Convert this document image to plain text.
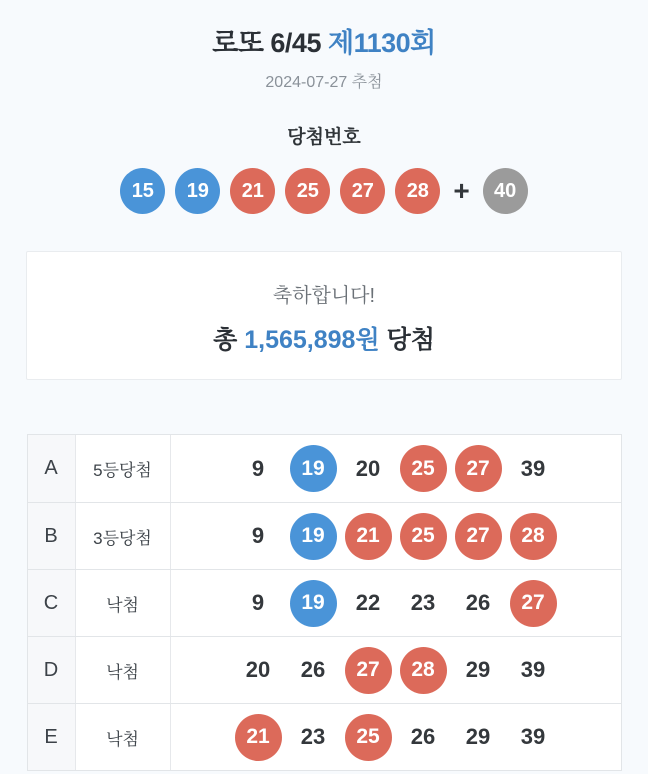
로또 6/45 제1130회

2024-07-27 추첨

당첨번호
15	19	21	25	27	28 +	40

축하합니다!

총 1,565,898원 당첨

A	5등당첨	9	19	20	25	27	39
B	3등당첨	9	19	21	25	27	28
C	낙첨	9	19	22	23	26	27
D	낙첨	20	26	27	28	29	39
E	낙첨	21	23	25	26	29	39
